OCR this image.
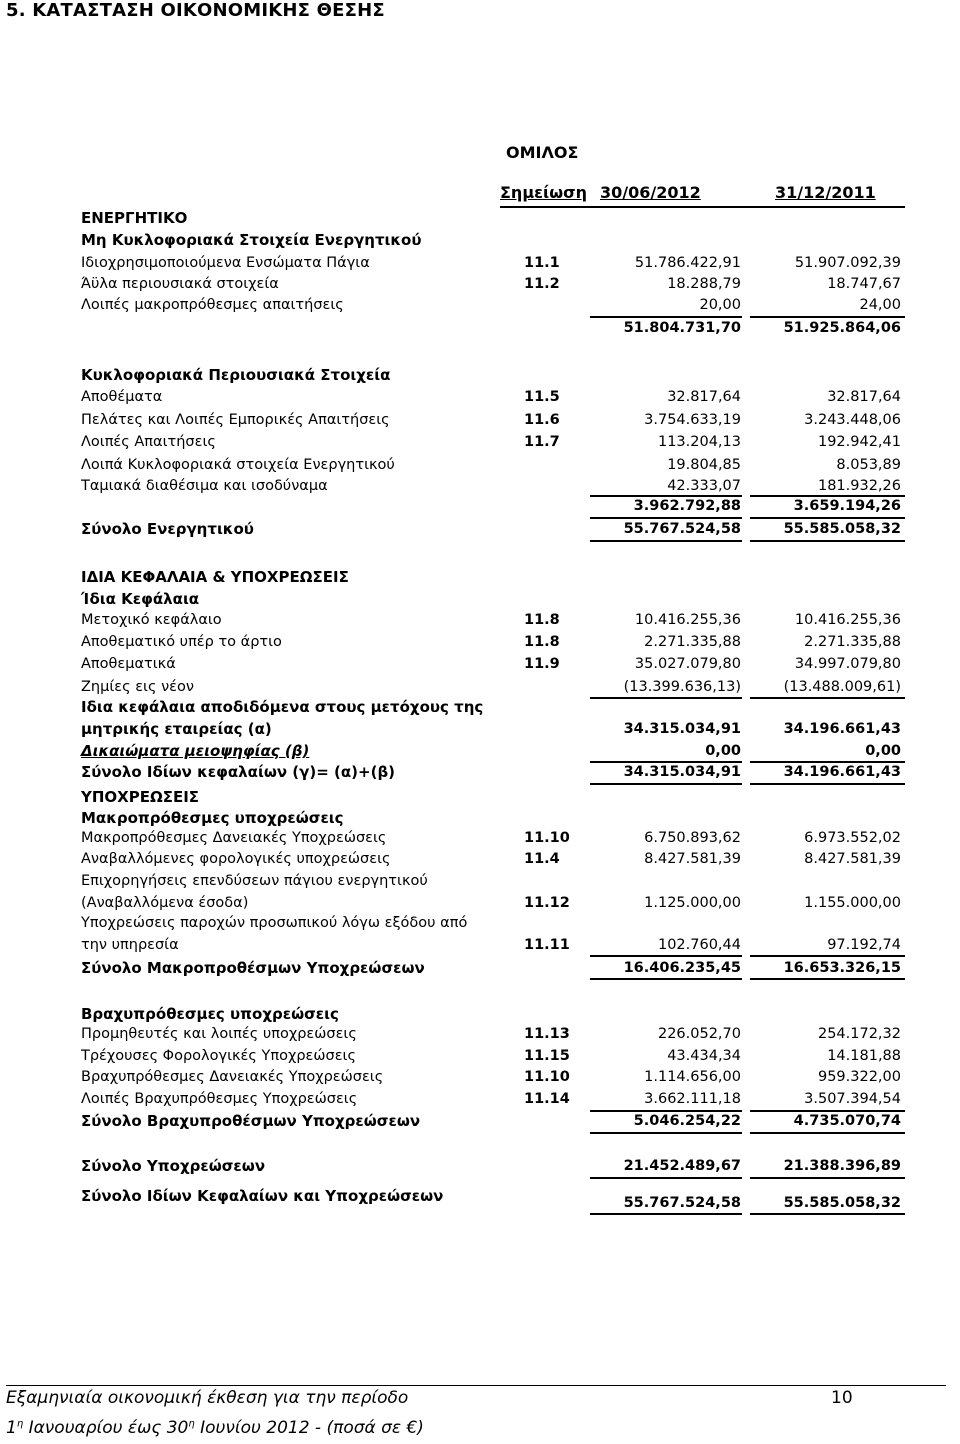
5. ΚΑΤΑΣΤΑΣΗ ΟΙΚΟΝΟΜΙΚΗΣ ΘΕΣΗΣ
ΟΜΙΛΟΣ
Σημείωση 30/06/2012	31/12/2011
ΕΝΕΡΓΗΤΙΚΟ
Μη Κυκλοφοριακά Στοιχεία Ενεργητικού
Ιδιοχρησιμοποιούμενα Ενσώματα Πάγια	11.1	51.786.422,91	51.907.092,39
Άϋλα περιουσιακά στοιχεία	11.2	18.288,79	18.747,67
Λοιπές μακροπρόθεσμες απαιτήσεις	20,00	24,00
51.804.731,70	51.925.864,06
Κυκλοφοριακά Περιουσιακά Στοιχεία
Αποθέματα	11.5	32.817,64	32.817,64
Πελάτες και Λοιπές Εμπορικές Απαιτήσεις	11.6	3.754.633,19	3.243.448,06
Λοιπές Απαιτήσεις	11.7	113.204,13	192.942,41
Λοιπά Κυκλοφοριακά στοιχεία Ενεργητικού	19.804,85	8.053,89
Ταμιακά διαθέσιμα και ισοδύναμα	42.333,07	181.932,26
3.962.792,88	3.659.194,26
Σύνολο Ενεργητικού	55.767.524,58	55.585.058,32
ΙΔΙΑ ΚΕΦΑΛΑΙΑ & ΥΠΟΧΡΕΩΣΕΙΣ
Ίδια Κεφάλαια
Μετοχικό κεφάλαιο	11.8	10.416.255,36	10.416.255,36
Αποθεματικό υπέρ το άρτιο	11.8	2.271.335,88	2.271.335,88
Αποθεματικά	11.9	35.027.079,80	34.997.079,80
Ζημίες εις νέον	(13.399.636,13)	(13.488.009,61)
Ιδια κεφάλαια αποδιδόμενα στους μετόχους της
μητρικής εταιρείας (α)	34.315.034,91	34.196.661,43
Δικαιώματα μειοψηφίας (β)	0,00	0,00
Σύνολο Ιδίων κεφαλαίων (γ)= (α)+(β)	34.315.034,91	34.196.661,43
ΥΠΟΧΡΕΩΣΕΙΣ
Μακροπρόθεσμες υποχρεώσεις
Μακροπρόθεσμες Δανειακές Υποχρεώσεις	11.10	6.750.893,62	6.973.552,02
Αναβαλλόμενες φορολογικές υποχρεώσεις	11.4	8.427.581,39	8.427.581,39
Επιχορηγήσεις επενδύσεων πάγιου ενεργητικού
(Αναβαλλόμενα έσοδα)	11.12	1.125.000,00	1.155.000,00
Υποχρεώσεις παροχών προσωπικού λόγω εξόδου από
την υπηρεσία	11.11	102.760,44	97.192,74
Σύνολο Μακροπροθέσμων Υποχρεώσεων	16.406.235,45	16.653.326,15
Βραχυπρόθεσμες υποχρεώσεις
Προμηθευτές και λοιπές υποχρεώσεις	11.13	226.052,70	254.172,32
Τρέχουσες Φορολογικές Υποχρεώσεις	11.15	43.434,34	14.181,88
Βραχυπρόθεσμες Δανειακές Υποχρεώσεις	11.10	1.114.656,00	959.322,00
Λοιπές Βραχυπρόθεσμες Υποχρεώσεις	11.14	3.662.111,18	3.507.394,54
Σύνολο Βραχυπροθέσμων Υποχρεώσεων	5.046.254,22	4.735.070,74
Σύνολο Υποχρεώσεων	21.452.489,67	21.388.396,89
Σύνολο Ιδίων Κεφαλαίων και Υποχρεώσεων	55.767.524,58	55.585.058,32
Εξαμηνιαία οικονομική έκθεση για την περίοδο	10
$1^\eta$ Ιανουαρίου έως $30^\eta$ Ιουνίου 2012 - (ποσά σε €)
